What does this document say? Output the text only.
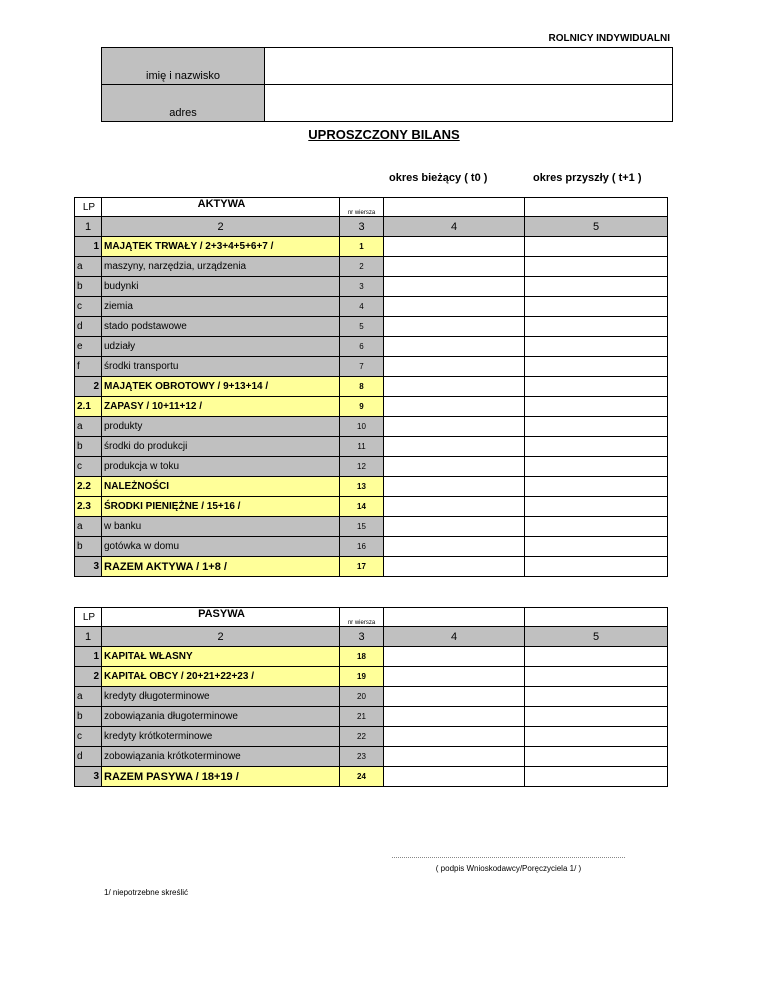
ROLNICY INDYWIDUALNI
imię i nazwisko	
adres	
UPROSZCZONY BILANS
okres bieżący ( t0 )	okres przyszły ( t+1 )
LP	AKTYWA	nr wiersza		
1	2	3	4	5
1	MAJĄTEK TRWAŁY / 2+3+4+5+6+7 /	1		
a	maszyny, narzędzia, urządzenia	2		
b	budynki	3		
c	ziemia	4		
d	stado podstawowe	5		
e	udziały	6		
f	środki transportu	7		
2	MAJĄTEK OBROTOWY / 9+13+14 /	8		
2.1	ZAPASY / 10+11+12 /	9		
a	produkty	10		
b	środki do produkcji	11		
c	produkcja w toku	12		
2.2	NALEŻNOŚCI	13		
2.3	ŚRODKI PIENIĘŻNE / 15+16 /	14		
a	w banku	15		
b	gotówka w domu	16		
3	RAZEM AKTYWA / 1+8 /	17		
LP	PASYWA	nr wiersza		
1	2	3	4	5
1	KAPITAŁ WŁASNY	18		
2	KAPITAŁ OBCY / 20+21+22+23 /	19		
a	kredyty długoterminowe	20		
b	zobowiązania długoterminowe	21		
c	kredyty krótkoterminowe	22		
d	zobowiązania krótkoterminowe	23		
3	RAZEM PASYWA / 18+19 /	24		
( podpis Wnioskodawcy/Poręczyciela 1/ )
1/ niepotrzebne skreślić
